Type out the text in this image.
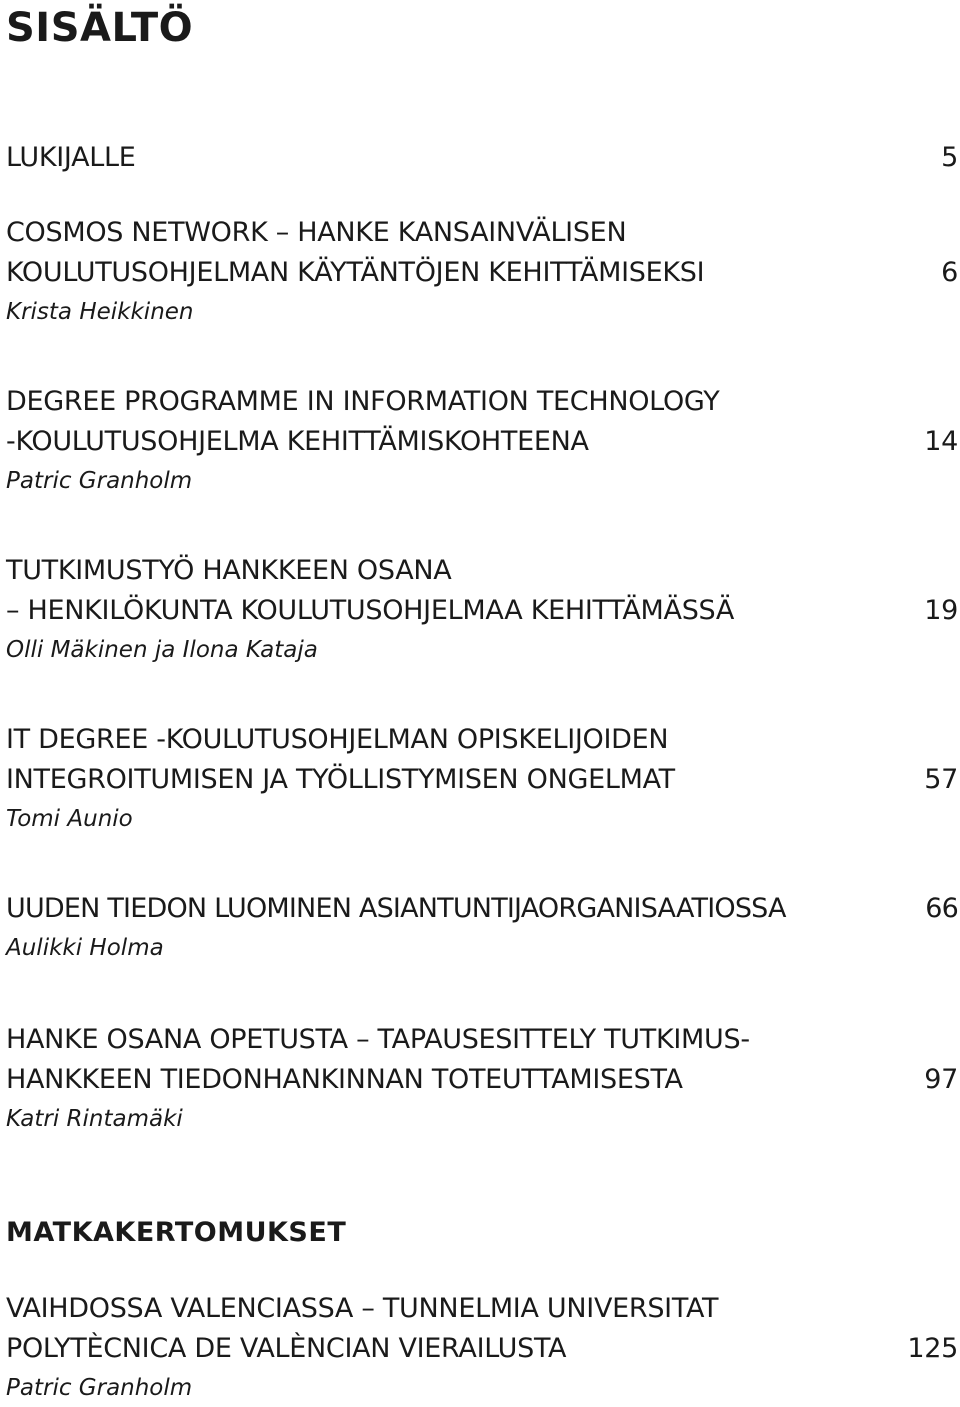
SISÄLTÖ
LUKIJALLE	5
COSMOS NETWORK – HANKE KANSAINVÄLISEN
KOULUTUSOHJELMAN KÄYTÄNTÖJEN KEHITTÄMISEKSI	6
Krista Heikkinen
DEGREE PROGRAMME IN INFORMATION TECHNOLOGY
-KOULUTUSOHJELMA KEHITTÄMISKOHTEENA	14
Patric Granholm
TUTKIMUSTYÖ HANKKEEN OSANA
– HENKILÖKUNTA KOULUTUSOHJELMAA KEHITTÄMÄSSÄ	19
Olli Mäkinen ja Ilona Kataja
IT DEGREE -KOULUTUSOHJELMAN OPISKELIJOIDEN
INTEGROITUMISEN JA TYÖLLISTYMISEN ONGELMAT	57
Tomi Aunio
UUDEN TIEDON LUOMINEN ASIANTUNTIJAORGANISAATIOSSA	66
Aulikki Holma
HANKE OSANA OPETUSTA – TAPAUSESITTELY TUTKIMUS-
HANKKEEN TIEDONHANKINNAN TOTEUTTAMISESTA	97
Katri Rintamäki
MATKAKERTOMUKSET
VAIHDOSSA VALENCIASSA – TUNNELMIA UNIVERSITAT
POLYTÈCNICA DE VALÈNCIAN VIERAILUSTA	125
Patric Granholm
